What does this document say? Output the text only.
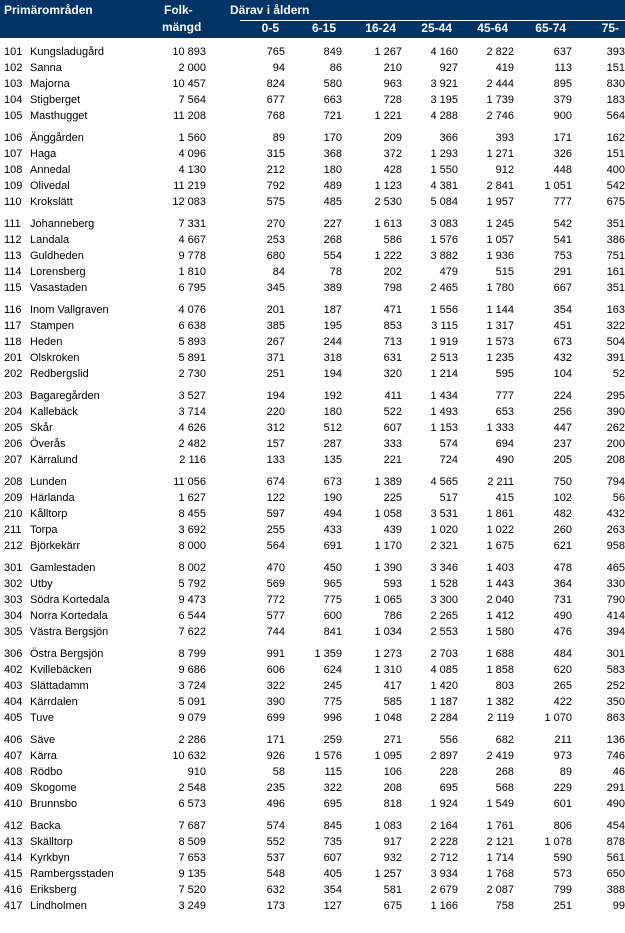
Primärområden	Folk-
mängd
Därav i åldern
0-5	6-15 16-24 25-44 45-64 65-74	75-
101	Kungsladugård	10 893		765	849	1 267	4 160	2 822	637	393
102	Sanna	2 000		94	86	210	927	419	113	151
103	Majorna	10 457		824	580	963	3 921	2 444	895	830
104	Stigberget	7 564		677	663	728	3 195	1 739	379	183
105	Masthugget	11 208		768	721	1 221	4 288	2 746	900	564

106	Änggården	1 560		89	170	209	366	393	171	162
107	Haga	4 096		315	368	372	1 293	1 271	326	151
108	Annedal	4 130		212	180	428	1 550	912	448	400
109	Olivedal	11 219		792	489	1 123	4 381	2 841	1 051	542
110	Krokslätt	12 083		575	485	2 530	5 084	1 957	777	675

111	Johanneberg	7 331		270	227	1 613	3 083	1 245	542	351
112	Landala	4 667		253	268	586	1 576	1 057	541	386
113	Guldheden	9 778		680	554	1 222	3 882	1 936	753	751
114	Lorensberg	1 810		84	78	202	479	515	291	161
115	Vasastaden	6 795		345	389	798	2 465	1 780	667	351

116	Inom Vallgraven	4 076		201	187	471	1 556	1 144	354	163
117	Stampen	6 638		385	195	853	3 115	1 317	451	322
118	Heden	5 893		267	244	713	1 919	1 573	673	504
201	Olskroken	5 891		371	318	631	2 513	1 235	432	391
202	Redbergslid	2 730		251	194	320	1 214	595	104	52

203	Bagaregården	3 527		194	192	411	1 434	777	224	295
204	Kallebäck	3 714		220	180	522	1 493	653	256	390
205	Skår	4 626		312	512	607	1 153	1 333	447	262
206	Överås	2 482		157	287	333	574	694	237	200
207	Kärralund	2 116		133	135	221	724	490	205	208

208	Lunden	11 056		674	673	1 389	4 565	2 211	750	794
209	Härlanda	1 627		122	190	225	517	415	102	56
210	Kålltorp	8 455		597	494	1 058	3 531	1 861	482	432
211	Torpa	3 692		255	433	439	1 020	1 022	260	263
212	Björkekärr	8 000		564	691	1 170	2 321	1 675	621	958

301	Gamlestaden	8 002		470	450	1 390	3 346	1 403	478	465
302	Utby	5 792		569	965	593	1 528	1 443	364	330
303	Södra Kortedala	9 473		772	775	1 065	3 300	2 040	731	790
304	Norra Kortedala	6 544		577	600	786	2 265	1 412	490	414
305	Västra Bergsjön	7 622		744	841	1 034	2 553	1 580	476	394

306	Östra Bergsjön	8 799		991	1 359	1 273	2 703	1 688	484	301
402	Kvillebäcken	9 686		606	624	1 310	4 085	1 858	620	583
403	Slättadamm	3 724		322	245	417	1 420	803	265	252
404	Kärrdalen	5 091		390	775	585	1 187	1 382	422	350
405	Tuve	9 079		699	996	1 048	2 284	2 119	1 070	863

406	Säve	2 286		171	259	271	556	682	211	136
407	Kärra	10 632		926	1 576	1 095	2 897	2 419	973	746
408	Rödbo	910		58	115	106	228	268	89	46
409	Skogome	2 548		235	322	208	695	568	229	291
410	Brunnsbo	6 573		496	695	818	1 924	1 549	601	490

412	Backa	7 687		574	845	1 083	2 164	1 761	806	454
413	Skälltorp	8 509		552	735	917	2 228	2 121	1 078	878
414	Kyrkbyn	7 653		537	607	932	2 712	1 714	590	561
415	Rambergsstaden	9 135		548	405	1 257	3 934	1 768	573	650
416	Eriksberg	7 520		632	354	581	2 679	2 087	799	388
417	Lindholmen	3 249		173	127	675	1 166	758	251	99
